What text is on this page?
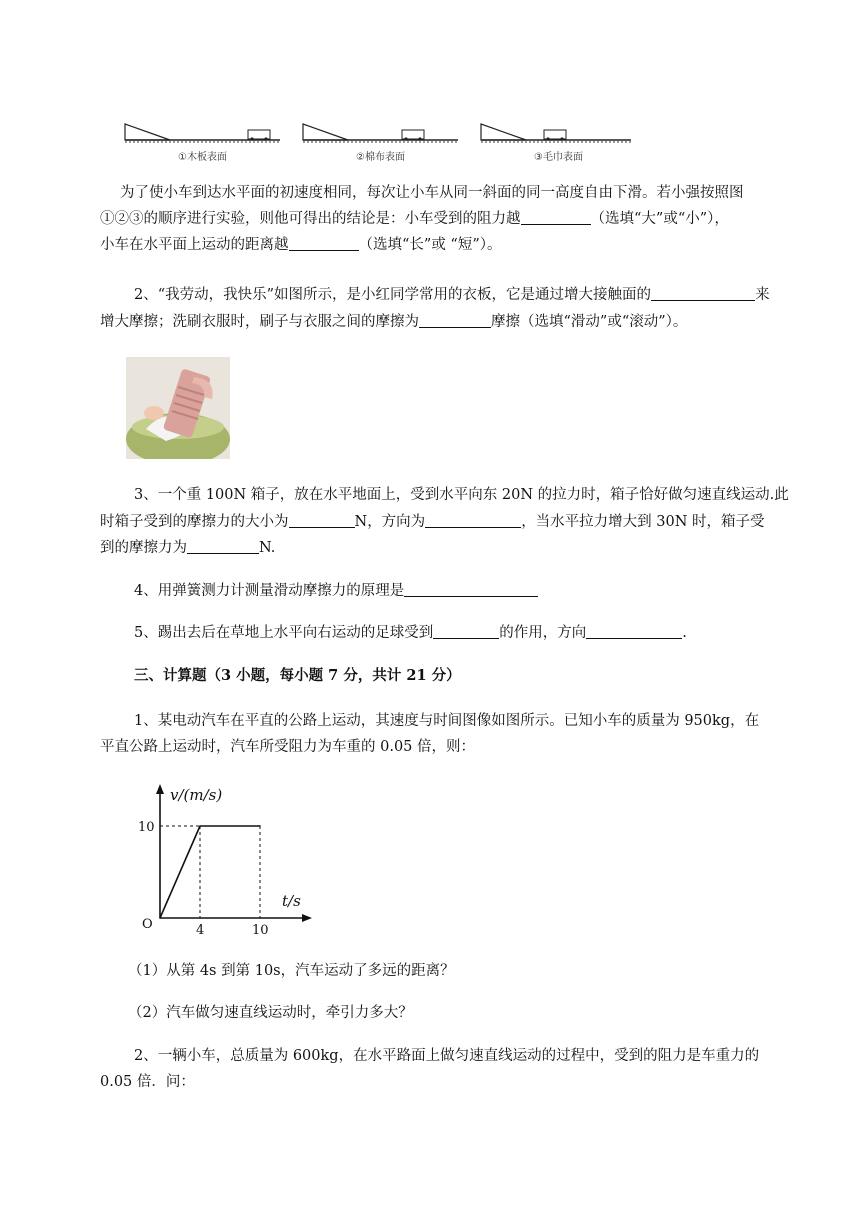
①木板表面	②棉布表面	③毛巾表面
为了使小车到达水平面的初速度相同，每次让小车从同一斜面的同一高度自由下滑。若小强按照图
①②③的顺序进行实验，则他可得出的结论是：小车受到的阻力越	（选填“大”或“小”），
小车在水平面上运动的距离越	（选填“长”或 “短”）。
2、“我劳动，我快乐”如图所示，是小红同学常用的衣板，它是通过增大接触面的	来
增大摩擦；洗刷衣服时，刷子与衣服之间的摩擦为	摩擦（选填“滑动”或“滚动”）。
3、一个重 100N 箱子，放在水平地面上，受到水平向东 20N 的拉力时，箱子恰好做匀速直线运动.此
时箱子受到的摩擦力的大小为	N，方向为	，当水平拉力增大到 30N 时，箱子受
到的摩擦力为	N.
4、用弹簧测力计测量滑动摩擦力的原理是
5、踢出去后在草地上水平向右运动的足球受到	的作用，方向	.
三、计算题（3 小题，每小题 7 分，共计 21 分）
1、某电动汽车在平直的公路上运动，其速度与时间图像如图所示。已知小车的质量为 950kg，在
平直公路上运动时，汽车所受阻力为车重的 0.05 倍，则：
v/(m/s)
t/s
O
10
4	10
（1）从第 4s 到第 10s，汽车运动了多远的距离？
（2）汽车做匀速直线运动时，牵引力多大？
2、一辆小车，总质量为 600kg，在水平路面上做匀速直线运动的过程中，受到的阻力是车重力的
0.05 倍．问：
